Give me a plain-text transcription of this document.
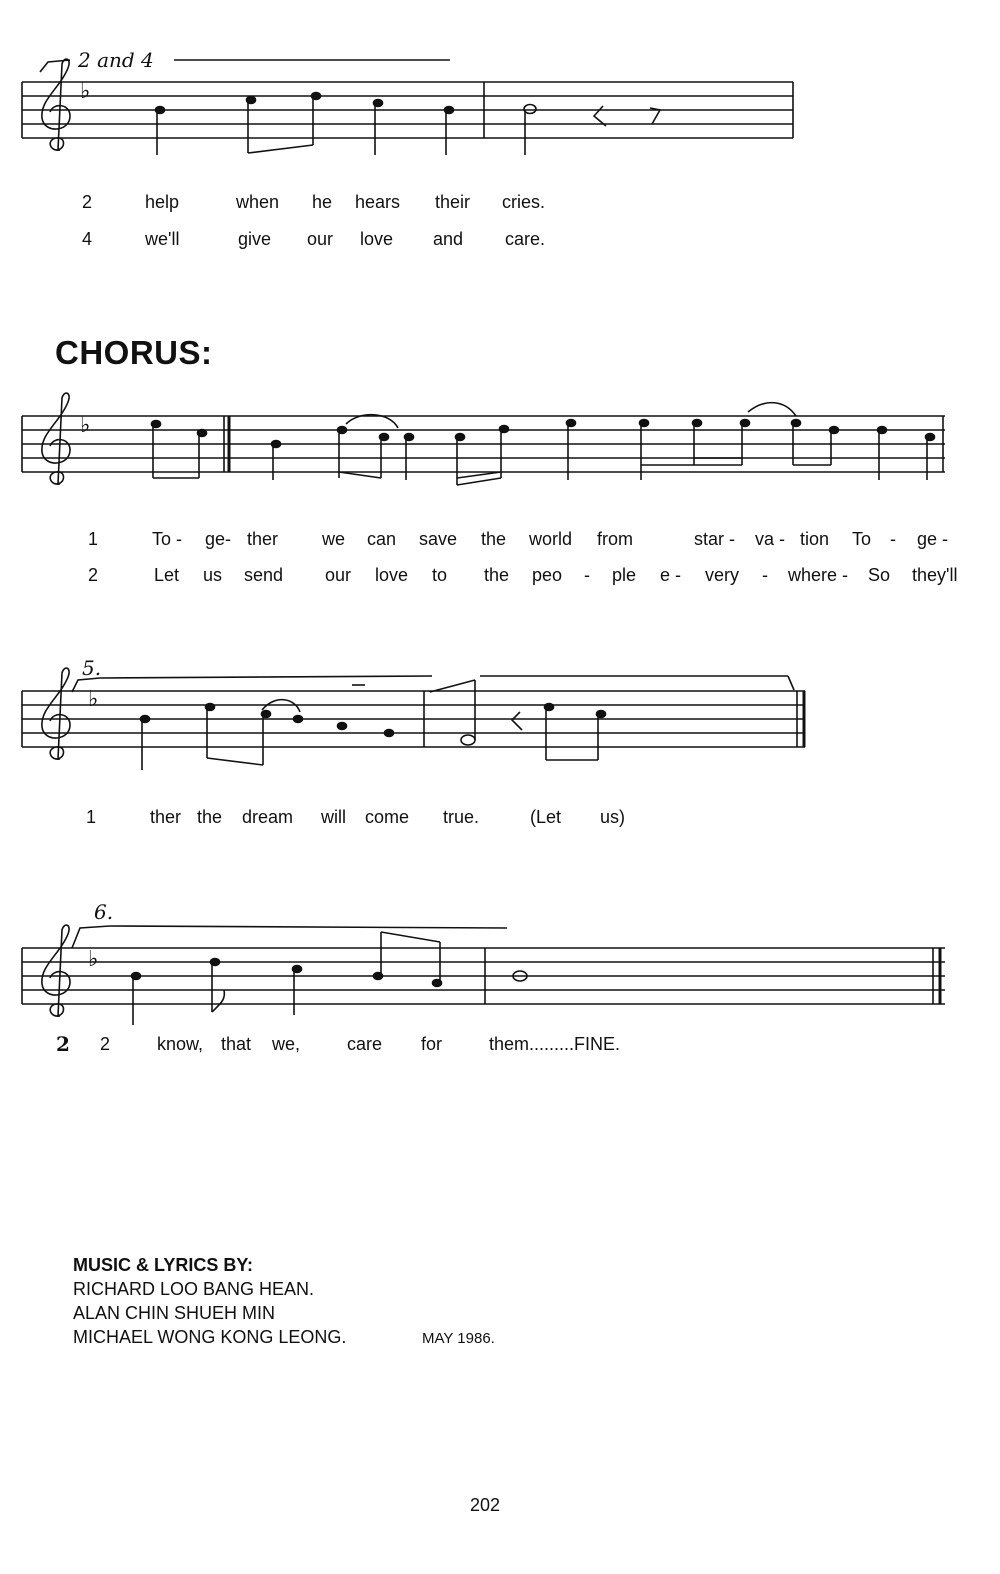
♭
♭
♭
♭
2 and 4
5.
6.
2	help	when he hears their cries.
4	we'll	give our love and care.
CHORUS:
1	To - ge- ther we can save the world from	star - va - tion To - ge -
2	Let us send our love to the peo - ple e - very - where - So they'll
1	ther the dream will come true.	(Let us)
2 2	know, that we,	care for	them.........FINE.
MUSIC & LYRICS BY:
RICHARD LOO BANG HEAN.
ALAN CHIN SHUEH MIN
MICHAEL WONG KONG LEONG.	MAY 1986.
202
